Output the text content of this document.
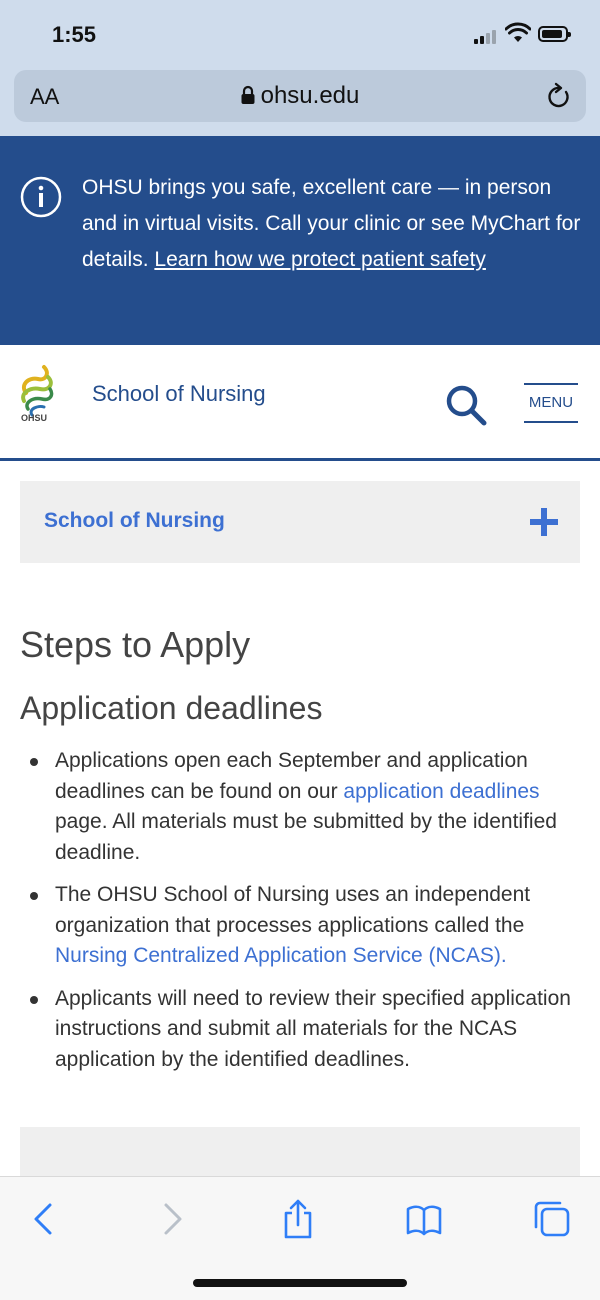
1:55
AA	ohsu.edu
OHSU brings you safe, excellent care — in person and in virtual visits. Call your clinic or see MyChart for details. Learn how we protect patient safety
OHSU
School of Nursing	MENU
School of Nursing
Steps to Apply
Application deadlines
Applications open each September and application deadlines can be found on our application deadlines page. All materials must be submitted by the identified deadline.
The OHSU School of Nursing uses an independent organization that processes applications called the Nursing Centralized Application Service (NCAS).
Applicants will need to review their specified application instructions and submit all materials for the NCAS application by the identified deadlines.
